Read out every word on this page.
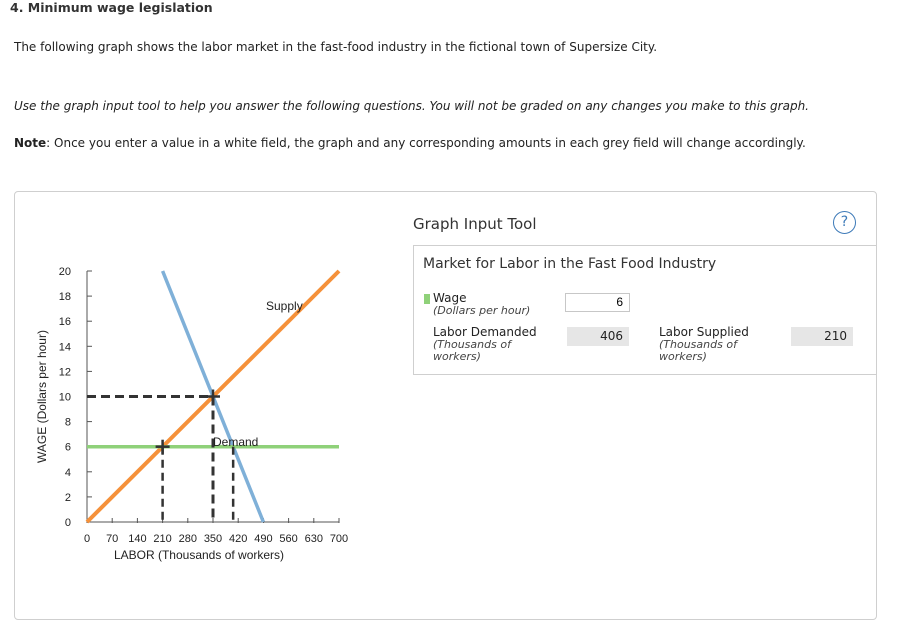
4. Minimum wage legislation
The following graph shows the labor market in the fast-food industry in the fictional town of Supersize City.
Use the graph input tool to help you answer the following questions. You will not be graded on any changes you make to this graph.
Note: Once you enter a value in a white field, the graph and any corresponding amounts in each grey field will change accordingly.
0
2
4
6
8
10
12
14
16
18
20
0 70 140 210 280 350 420 490 560 630 700
LABOR (Thousands of workers)
WAGE (Dollars per hour)
Supply
Demand
Graph Input Tool	?
Market for Labor in the Fast Food Industry
Wage
(Dollars per hour)
6
Labor Demanded
(Thousands of
workers)
406	Labor Supplied
(Thousands of
workers)
210
